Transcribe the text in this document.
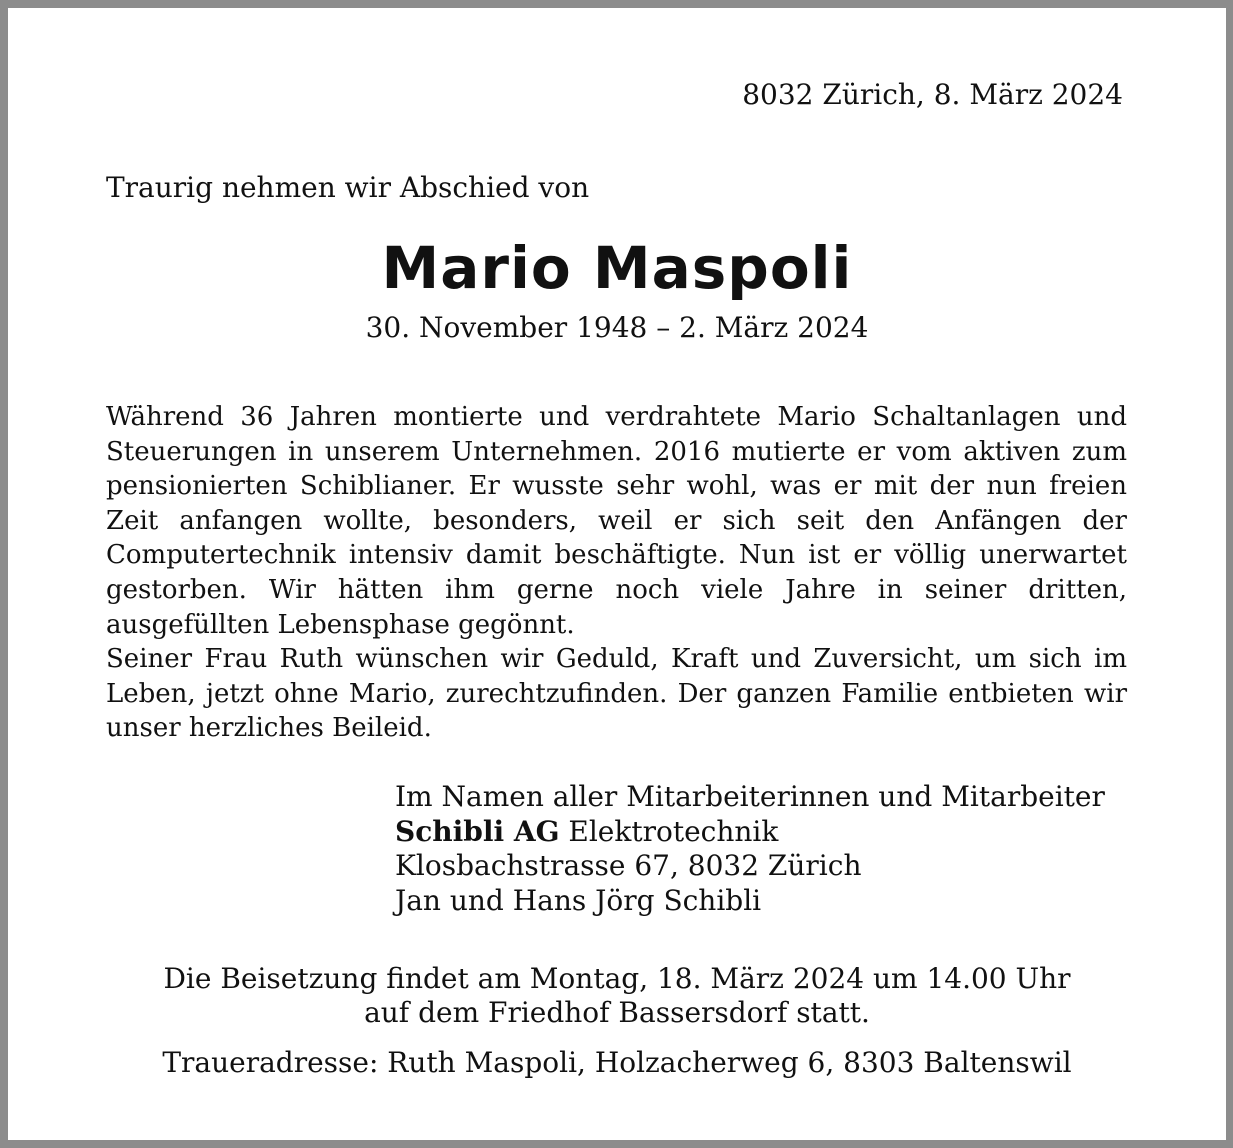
8032 Zürich, 8. März 2024
Traurig nehmen wir Abschied von
Mario Maspoli
30. November 1948 – 2. März 2024

Während 36 Jahren montierte und verdrahtete Mario Schaltanlagen und Steuerungen in unserem Unternehmen. 2016 mutierte er vom aktiven zum pensionierten Schiblianer. Er wusste sehr wohl, was er mit der nun freien Zeit anfangen wollte, besonders, weil er sich seit den Anfängen der Computertechnik intensiv damit beschäftigte. Nun ist er völlig unerwartet gestorben. Wir hätten ihm gerne noch viele Jahre in seiner dritten, ausgefüllten Lebensphase gegönnt.

Seiner Frau Ruth wünschen wir Geduld, Kraft und Zuversicht, um sich im Leben, jetzt ohne Mario, zurechtzufinden. Der ganzen Familie entbieten wir unser herzliches Beileid.

Im Namen aller Mitarbeiterinnen und Mitarbeiter
Schibli AG Elektrotechnik
Klosbachstrasse 67, 8032 Zürich
Jan und Hans Jörg Schibli
Die Beisetzung findet am Montag, 18. März 2024 um 14.00 Uhr
auf dem Friedhof Bassersdorf statt.
Traueradresse: Ruth Maspoli, Holzacherweg 6, 8303 Baltenswil
